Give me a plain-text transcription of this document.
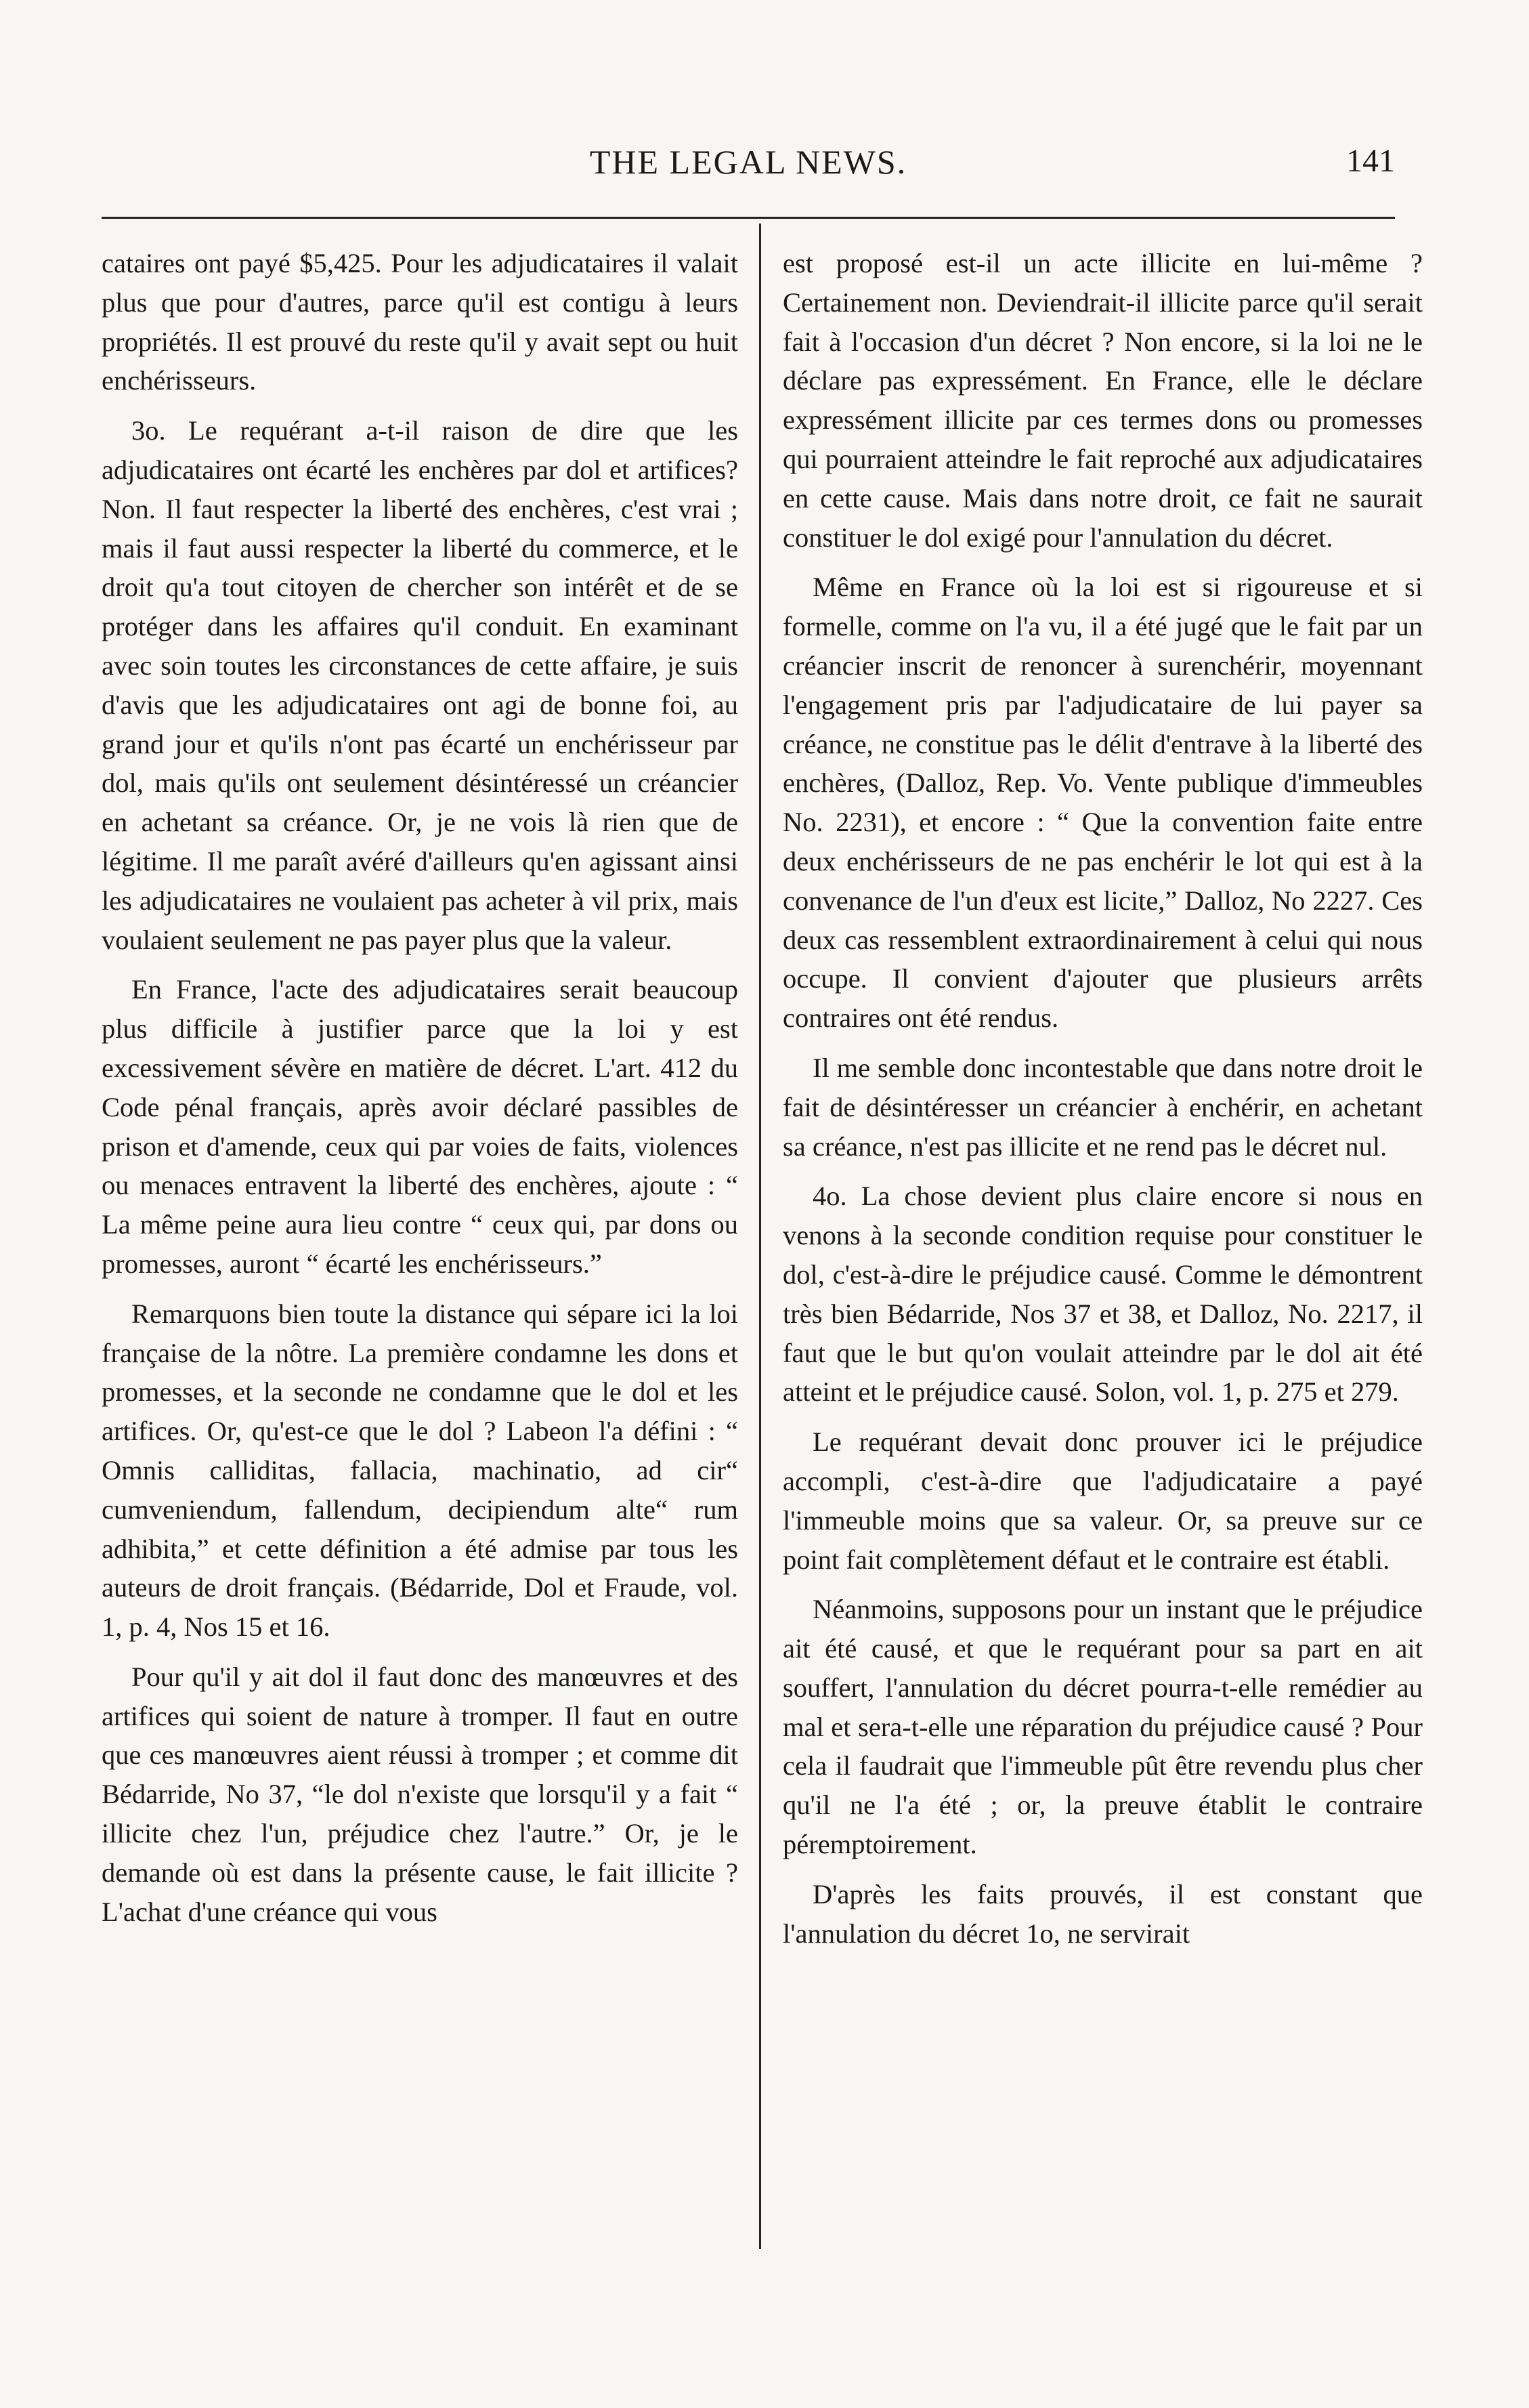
THE LEGAL NEWS.	141

cataires ont payé $5,425. Pour les adjudicataires il valait plus que pour d'autres, parce qu'il est contigu à leurs propriétés. Il est prouvé du reste qu'il y avait sept ou huit enchérisseurs.

3o. Le requérant a-t-il raison de dire que les adjudicataires ont écarté les enchères par dol et artifices? Non. Il faut respecter la liberté des enchères, c'est vrai ; mais il faut aussi respecter la liberté du commerce, et le droit qu'a tout citoyen de chercher son intérêt et de se protéger dans les affaires qu'il conduit. En examinant avec soin toutes les circonstances de cette affaire, je suis d'avis que les adjudicataires ont agi de bonne foi, au grand jour et qu'ils n'ont pas écarté un enchérisseur par dol, mais qu'ils ont seulement désintéressé un créancier en achetant sa créance. Or, je ne vois là rien que de légitime. Il me paraît avéré d'ailleurs qu'en agissant ainsi les adjudicataires ne voulaient pas acheter à vil prix, mais voulaient seulement ne pas payer plus que la valeur.

En France, l'acte des adjudicataires serait beaucoup plus difficile à justifier parce que la loi y est excessivement sévère en matière de décret. L'art. 412 du Code pénal français, après avoir déclaré passibles de prison et d'amende, ceux qui par voies de faits, violences ou menaces entravent la liberté des enchères, ajoute : “ La même peine aura lieu contre “ ceux qui, par dons ou promesses, auront “ écarté les enchérisseurs.”

Remarquons bien toute la distance qui sépare ici la loi française de la nôtre. La première condamne les dons et promesses, et la seconde ne condamne que le dol et les artifices. Or, qu'est-ce que le dol ? Labeon l'a défini : “ Omnis calliditas, fallacia, machinatio, ad cir“ cumveniendum, fallendum, decipiendum alte“ rum adhibita,” et cette définition a été admise par tous les auteurs de droit français. (Bédarride, Dol et Fraude, vol. 1, p. 4, Nos 15 et 16.

Pour qu'il y ait dol il faut donc des manœuvres et des artifices qui soient de nature à tromper. Il faut en outre que ces manœuvres aient réussi à tromper ; et comme dit Bédarride, No 37, “le dol n'existe que lorsqu'il y a fait “ illicite chez l'un, préjudice chez l'autre.” Or, je le demande où est dans la présente cause, le fait illicite ? L'achat d'une créance qui vous

est proposé est-il un acte illicite en lui-même ? Certainement non. Deviendrait-il illicite parce qu'il serait fait à l'occasion d'un décret ? Non encore, si la loi ne le déclare pas expressément. En France, elle le déclare expressément illicite par ces termes dons ou promesses qui pourraient atteindre le fait reproché aux adjudicataires en cette cause. Mais dans notre droit, ce fait ne saurait constituer le dol exigé pour l'annulation du décret.

Même en France où la loi est si rigoureuse et si formelle, comme on l'a vu, il a été jugé que le fait par un créancier inscrit de renoncer à surenchérir, moyennant l'engagement pris par l'adjudicataire de lui payer sa créance, ne constitue pas le délit d'entrave à la liberté des enchères, (Dalloz, Rep. Vo. Vente publique d'immeubles No. 2231), et encore : “ Que la convention faite entre deux enchérisseurs de ne pas enchérir le lot qui est à la convenance de l'un d'eux est licite,” Dalloz, No 2227. Ces deux cas ressemblent extraordinairement à celui qui nous occupe. Il convient d'ajouter que plusieurs arrêts contraires ont été rendus.

Il me semble donc incontestable que dans notre droit le fait de désintéresser un créancier à enchérir, en achetant sa créance, n'est pas illicite et ne rend pas le décret nul.

4o. La chose devient plus claire encore si nous en venons à la seconde condition requise pour constituer le dol, c'est-à-dire le préjudice causé. Comme le démontrent très bien Bédarride, Nos 37 et 38, et Dalloz, No. 2217, il faut que le but qu'on voulait atteindre par le dol ait été atteint et le préjudice causé. Solon, vol. 1, p. 275 et 279.

Le requérant devait donc prouver ici le préjudice accompli, c'est-à-dire que l'adjudicataire a payé l'immeuble moins que sa valeur. Or, sa preuve sur ce point fait complètement défaut et le contraire est établi.

Néanmoins, supposons pour un instant que le préjudice ait été causé, et que le requérant pour sa part en ait souffert, l'annulation du décret pourra-t-elle remédier au mal et sera-t-elle une réparation du préjudice causé ? Pour cela il faudrait que l'immeuble pût être revendu plus cher qu'il ne l'a été ; or, la preuve établit le contraire péremptoirement.

D'après les faits prouvés, il est constant que l'annulation du décret 1o, ne servirait
